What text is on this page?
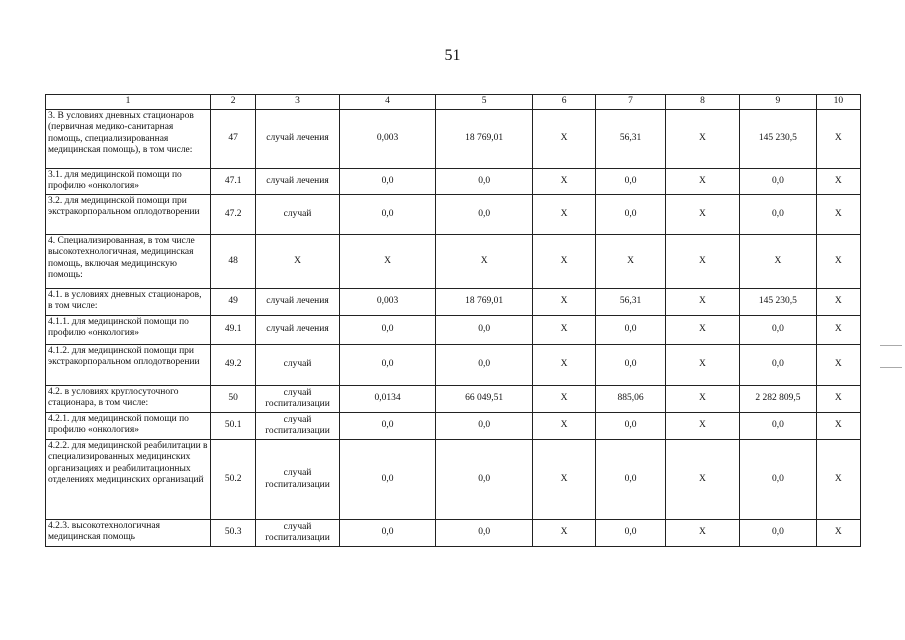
51
1	2	3	4	5	6	7	8	9	10
3. В условиях дневных стационаров (первичная медико-санитарная помощь, специализированная медицинская помощь), в том числе:	47	случай лечения	0,003	18 769,01	Х	56,31	Х	145 230,5	Х
3.1. для медицинской помощи по профилю «онкология»	47.1	случай лечения	0,0	0,0	Х	0,0	Х	0,0	Х
3.2. для медицинской помощи при экстракорпоральном оплодотворении	47.2	случай	0,0	0,0	Х	0,0	Х	0,0	Х
4. Специализированная, в том числе высокотехнологичная, медицинская помощь, включая медицинскую помощь:	48	Х	Х	Х	Х	Х	Х	Х	Х
4.1. в условиях дневных стационаров, в том числе:	49	случай лечения	0,003	18 769,01	Х	56,31	Х	145 230,5	Х
4.1.1. для медицинской помощи по профилю «онкология»	49.1	случай лечения	0,0	0,0	Х	0,0	Х	0,0	Х
4.1.2. для медицинской помощи при экстракорпоральном оплодотворении	49.2	случай	0,0	0,0	Х	0,0	Х	0,0	Х
4.2. в условиях круглосуточного стационара, в том числе:	50	случай госпитализации	0,0134	66 049,51	Х	885,06	Х	2 282 809,5	Х
4.2.1. для медицинской помощи по профилю «онкология»	50.1	случай госпитализации	0,0	0,0	Х	0,0	Х	0,0	Х
4.2.2. для медицинской реабилитации в специализированных медицинских организациях и реабилитационных отделениях медицинских организаций	50.2	случай госпитализации	0,0	0,0	Х	0,0	Х	0,0	Х
4.2.3. высокотехнологичная медицинская помощь	50.3	случай госпитализации	0,0	0,0	Х	0,0	Х	0,0	Х
